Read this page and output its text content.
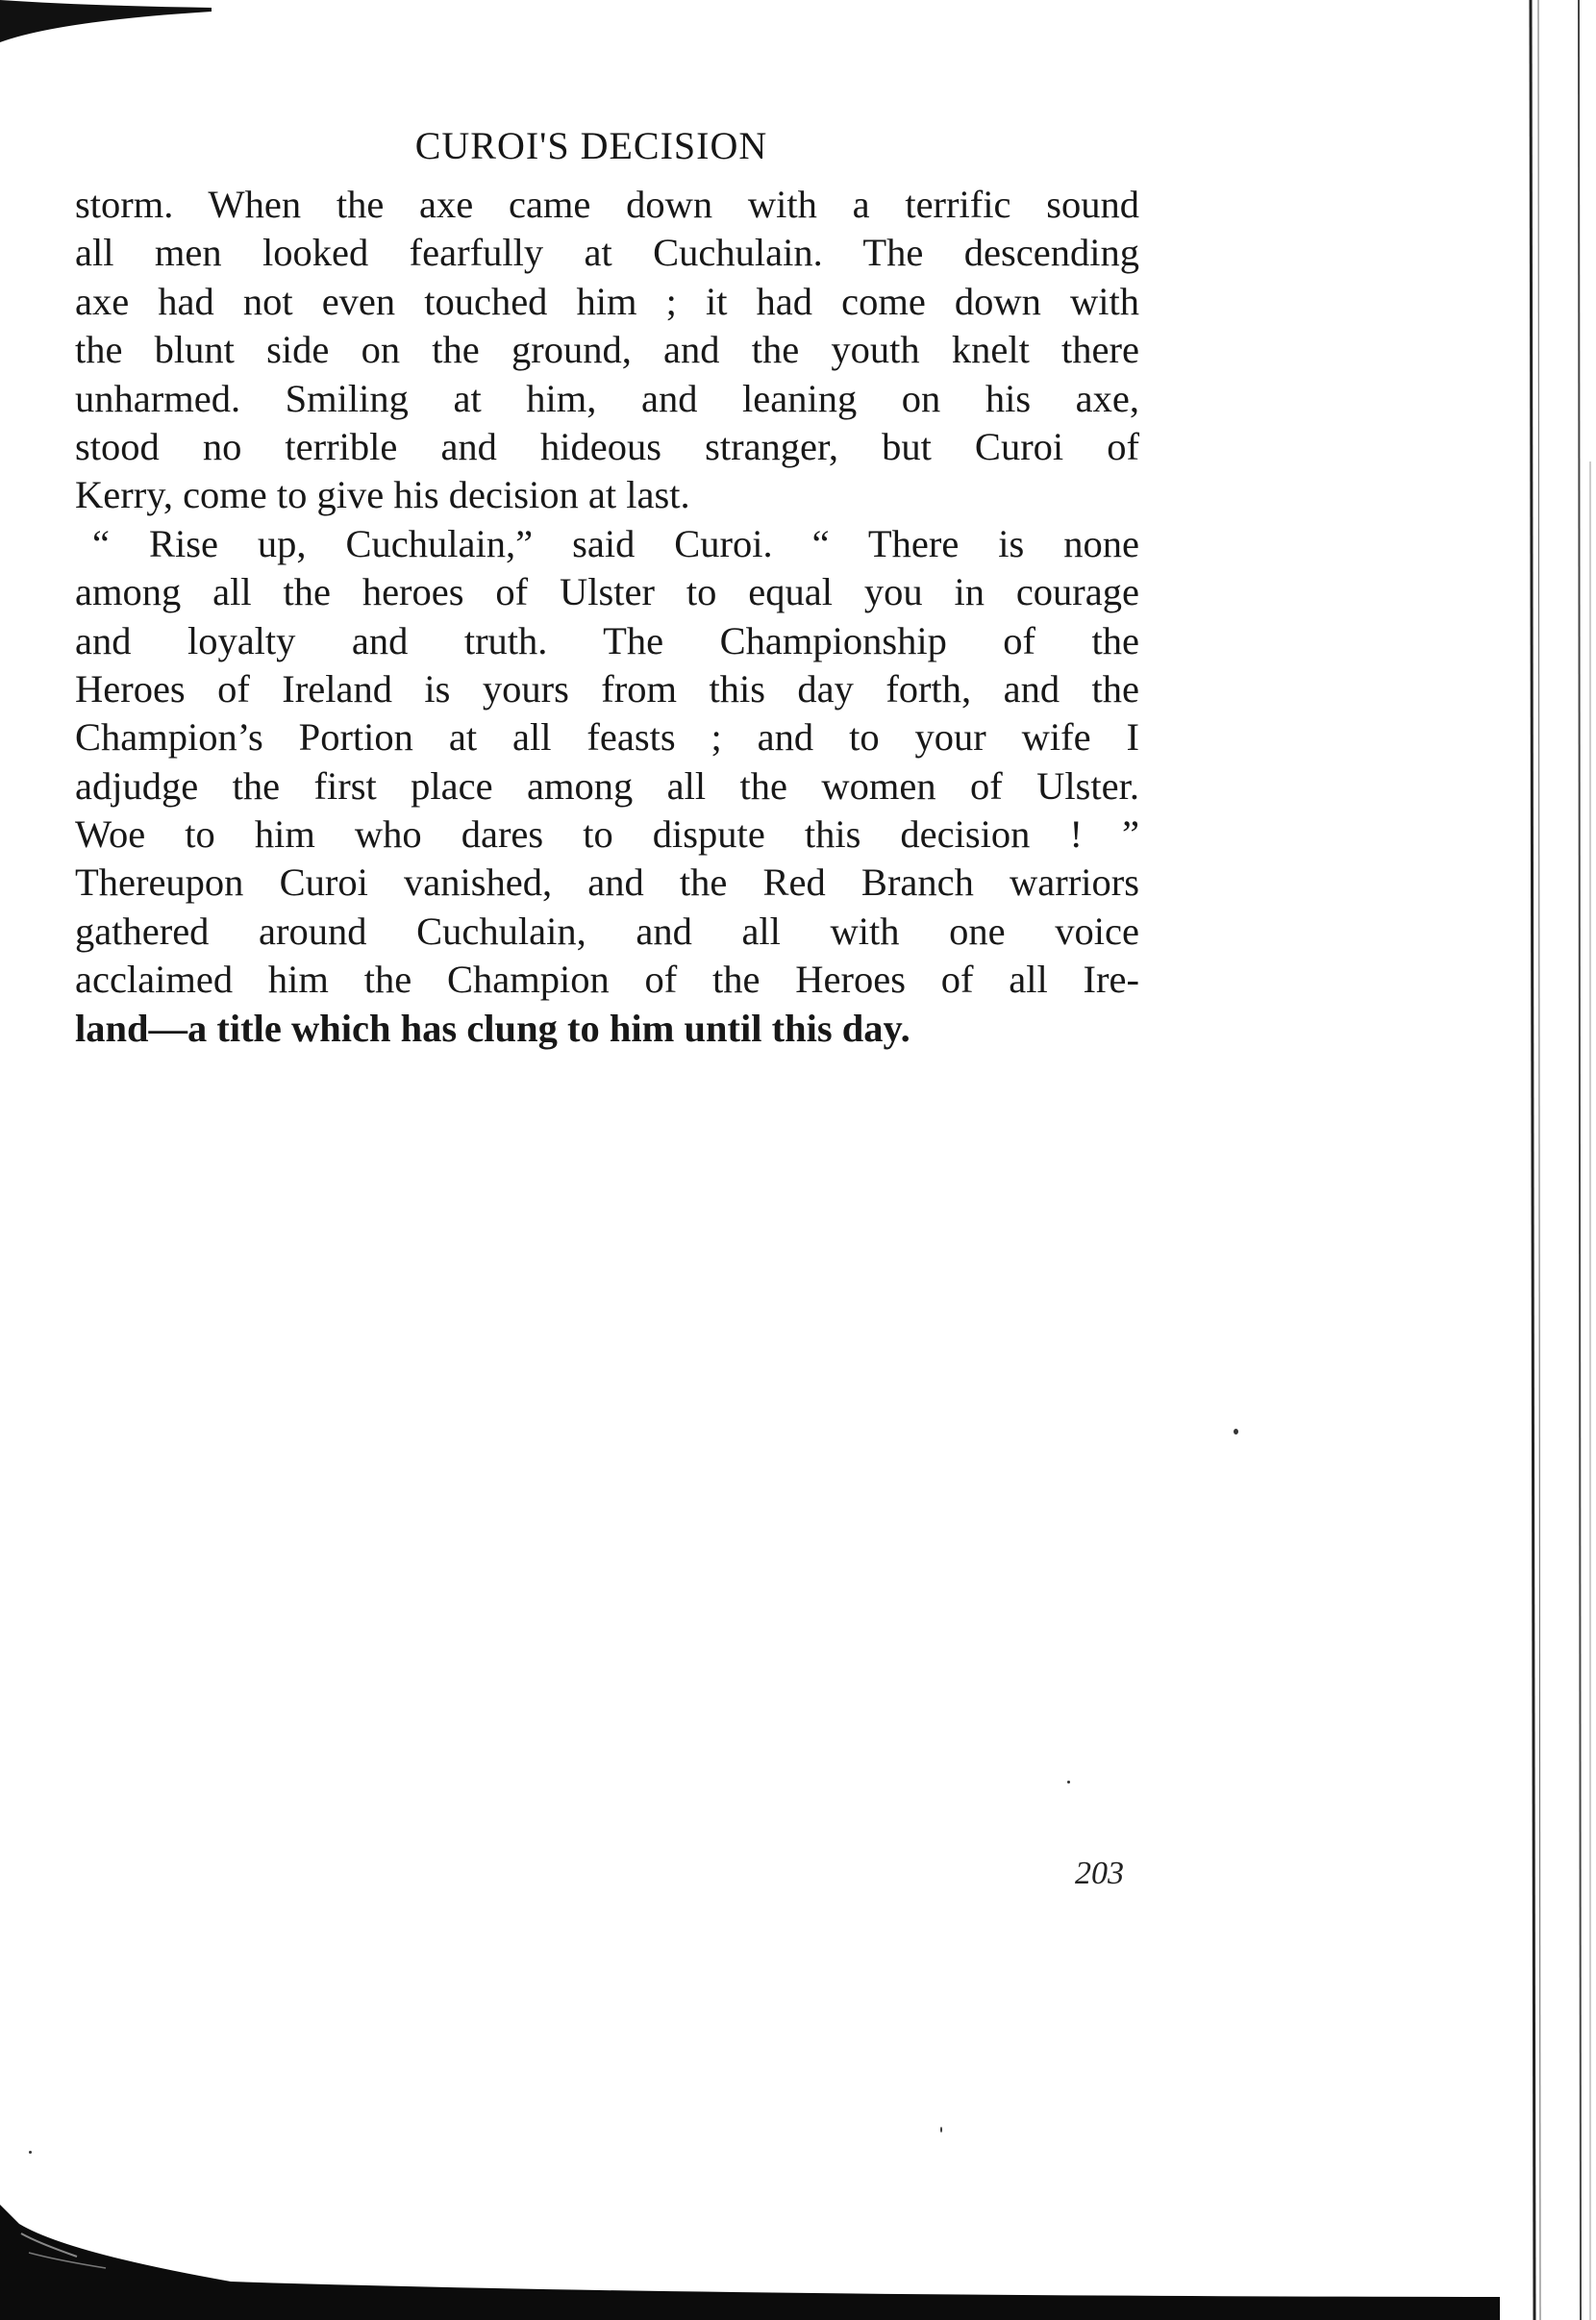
CUROI'S DECISION
storm. When the axe came down with a terrific sound
all men looked fearfully at Cuchulain. The descending
axe had not even touched him ; it had come down with
the blunt side on the ground, and the youth knelt there
unharmed. Smiling at him, and leaning on his axe,
stood no terrible and hideous stranger, but Curoi of
Kerry, come to give his decision at last.
“ Rise up, Cuchulain,” said Curoi. “ There is none
among all the heroes of Ulster to equal you in courage
and loyalty and truth. The Championship of the
Heroes of Ireland is yours from this day forth, and the
Champion’s Portion at all feasts ; and to your wife I
adjudge the first place among all the women of Ulster.
Woe to him who dares to dispute this decision ! ”
Thereupon Curoi vanished, and the Red Branch warriors
gathered around Cuchulain, and all with one voice
acclaimed him the Champion of the Heroes of all Ire-
land—a title which has clung to him until this day.
203
